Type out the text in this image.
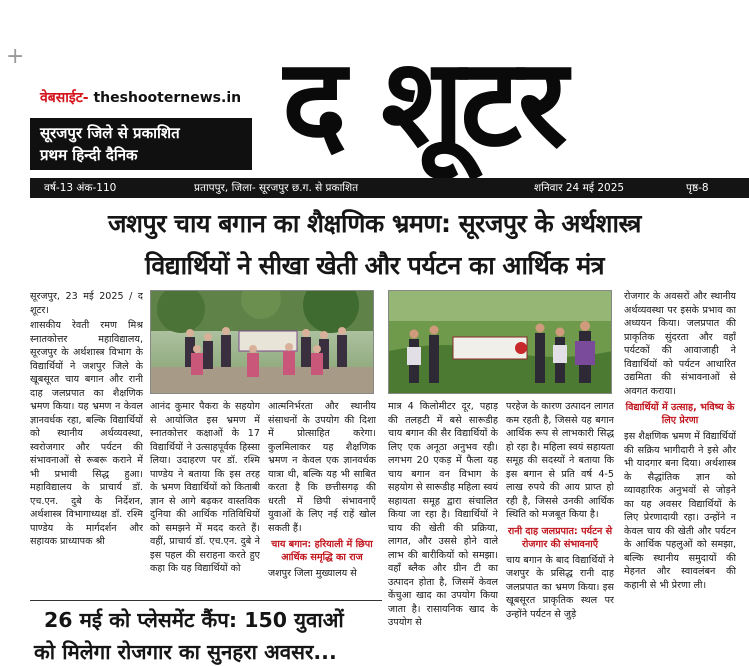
+
वेबसाईट- theshooternews.in
सूरजपुर जिले से प्रकाशित
प्रथम हिन्दी दैनिक	द शूटर
वर्ष-13 अंक-110	प्रतापपुर, जिला- सूरजपुर छ.ग. से प्रकाशित	शनिवार 24 मई 2025	पृष्ठ-8
जशपुर चाय बगान का शैक्षणिक भ्रमण: सूरजपुर के अर्थशास्त्र
विद्यार्थियों ने सीखा खेती और पर्यटन का आर्थिक मंत्र

सूरजपुर, 23 मई 2025 / द शूटर।

शासकीय रेवती रमण मिश्र स्नातकोत्तर महाविद्यालय, सूरजपुर के अर्थशास्त्र विभाग के विद्यार्थियों ने जशपुर जिले के खूबसूरत चाय बगान और रानी दाह जलप्रपात का शैक्षणिक भ्रमण किया। यह भ्रमण न केवल ज्ञानवर्धक रहा, बल्कि विद्यार्थियों को स्थानीय अर्थव्यवस्था, स्वरोजगार और पर्यटन की संभावनाओं से रूबरू कराने में भी प्रभावी सिद्ध हुआ। महाविद्यालय के प्राचार्य डॉ. एच.एन. दुबे के निर्देशन, अर्थशास्त्र विभागाध्यक्ष डॉ. रश्मि पाण्डेय के मार्गदर्शन और सहायक प्राध्यापक श्री

आनंद कुमार पैकरा के सहयोग से आयोजित इस भ्रमण में स्नातकोत्तर कक्षाओं के 17 विद्यार्थियों ने उत्साहपूर्वक हिस्सा लिया। उदाहरण पर डॉ. रश्मि पाण्डेय ने बताया कि इस तरह के भ्रमण विद्यार्थियों को किताबी ज्ञान से आगे बढ़कर वास्तविक दुनिया की आर्थिक गतिविधियों को समझने में मदद करते हैं। वहीं, प्राचार्य डॉ. एच.एन. दुबे ने इस पहल की सराहना करते हुए कहा कि यह विद्यार्थियों को

आत्मनिर्भरता और स्थानीय संसाधनों के उपयोग की दिशा में प्रोत्साहित करेगा। कुलमिलाकर यह शैक्षणिक भ्रमण न केवल एक ज्ञानवर्धक यात्रा थी, बल्कि यह भी साबित करता है कि छत्तीसगढ़ की धरती में छिपी संभावनाएँ युवाओं के लिए नई राहें खोल सकती हैं।

चाय बगान: हरियाली में छिपा आर्थिक समृद्धि का राज

जशपुर जिला मुख्यालय से

मात्र 4 किलोमीटर दूर, पहाड़ की तलहटी में बसे सारूडीह चाय बगान की सैर विद्यार्थियों के लिए एक अनूठा अनुभव रही। लगभग 20 एकड़ में फैला यह चाय बगान वन विभाग के सहयोग से सारूडीह महिला स्वयं सहायता समूह द्वारा संचालित किया जा रहा है। विद्यार्थियों ने चाय की खेती की प्रक्रिया, लागत, और उससे होने वाले लाभ की बारीकियों को समझा। वहाँ ब्लैक और ग्रीन टी का उत्पादन होता है, जिसमें केवल केंचुआ खाद का उपयोग किया जाता है। रासायनिक खाद के उपयोग से

परहेज के कारण उत्पादन लागत कम रहती है, जिससे यह बगान आर्थिक रूप से लाभकारी सिद्ध हो रहा है। महिला स्वयं सहायता समूह की सदस्यों ने बताया कि इस बगान से प्रति वर्ष 4-5 लाख रुपये की आय प्राप्त हो रही है, जिससे उनकी आर्थिक स्थिति को मजबूत किया है।

रानी दाह जलप्रपात: पर्यटन से रोजगार की संभावनाएँ

चाय बगान के बाद विद्यार्थियों ने जशपुर के प्रसिद्ध रानी दाह जलप्रपात का भ्रमण किया। इस खूबसूरत प्राकृतिक स्थल पर उन्होंने पर्यटन से जुड़े

रोजगार के अवसरों और स्थानीय अर्थव्यवस्था पर इसके प्रभाव का अध्ययन किया। जलप्रपात की प्राकृतिक सुंदरता और वहाँ पर्यटकों की आवाजाही ने विद्यार्थियों को पर्यटन आधारित उद्यमिता की संभावनाओं से अवगत कराया।

विद्यार्थियों में उत्साह, भविष्य के लिए प्रेरणा

इस शैक्षणिक भ्रमण में विद्यार्थियों की सक्रिय भागीदारी ने इसे और भी यादगार बना दिया। अर्थशास्त्र के सैद्धांतिक ज्ञान को व्यावहारिक अनुभवों से जोड़ने का यह अवसर विद्यार्थियों के लिए प्रेरणादायी रहा। उन्होंने न केवल चाय की खेती और पर्यटन के आर्थिक पहलुओं को समझा, बल्कि स्थानीय समुदायों की मेहनत और स्वावलंबन की कहानी से भी प्रेरणा ली।

26 मई को प्लेसमेंट कैंप: 150 युवाओं
को मिलेगा रोजगार का सुनहरा अवसर...
